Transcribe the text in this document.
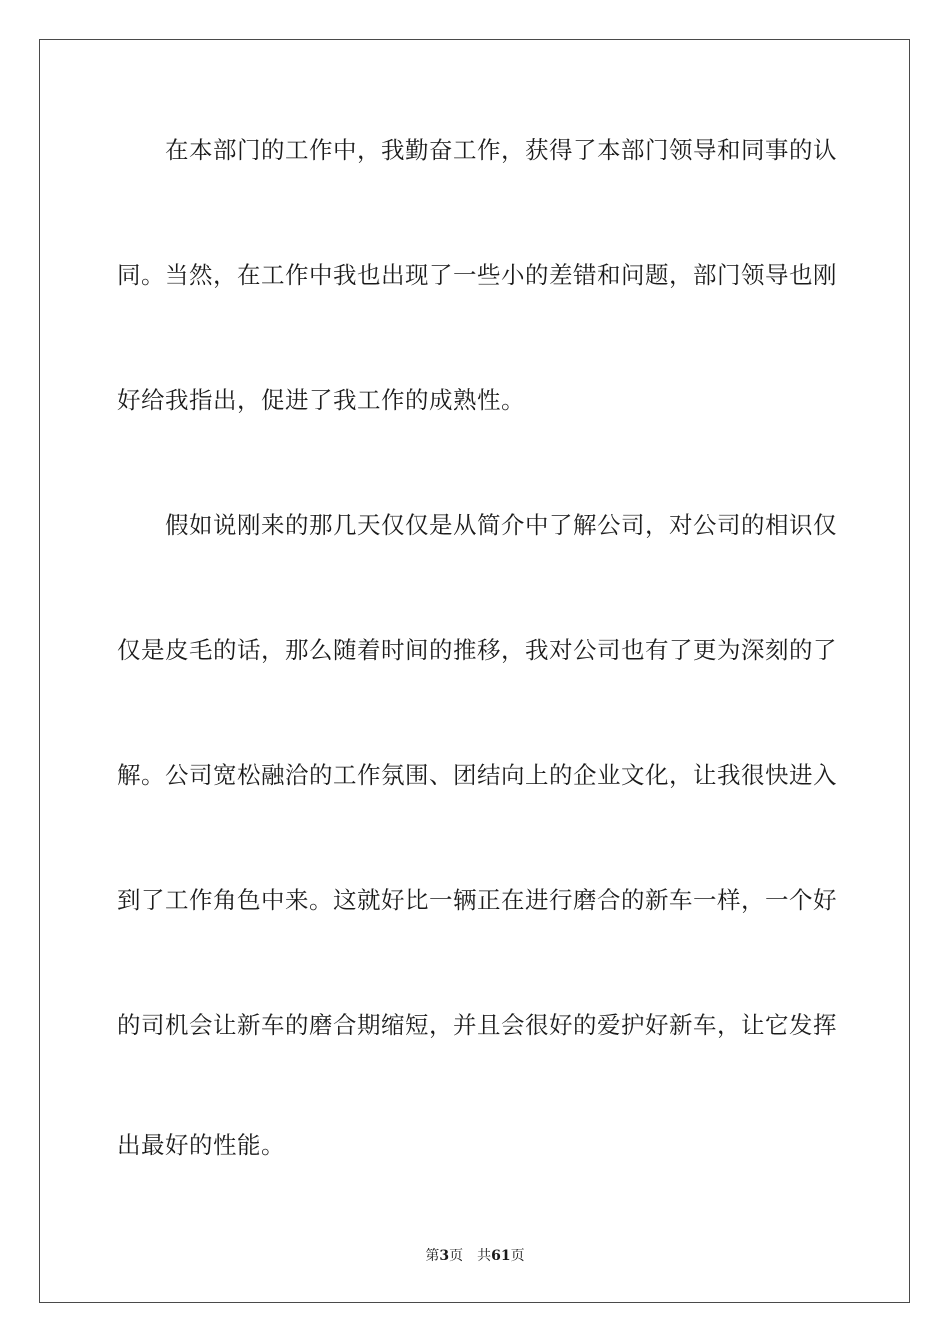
在本部门的工作中，我勤奋工作，获得了本部门领导和同事的认
同。当然，在工作中我也出现了一些小的差错和问题，部门领导也刚
好给我指出，促进了我工作的成熟性。
假如说刚来的那几天仅仅是从简介中了解公司，对公司的相识仅
仅是皮毛的话，那么随着时间的推移，我对公司也有了更为深刻的了
解。公司宽松融洽的工作氛围、团结向上的企业文化，让我很快进入
到了工作角色中来。这就好比一辆正在进行磨合的新车一样，一个好
的司机会让新车的磨合期缩短，并且会很好的爱护好新车，让它发挥
出最好的性能。
第3页 共61页
